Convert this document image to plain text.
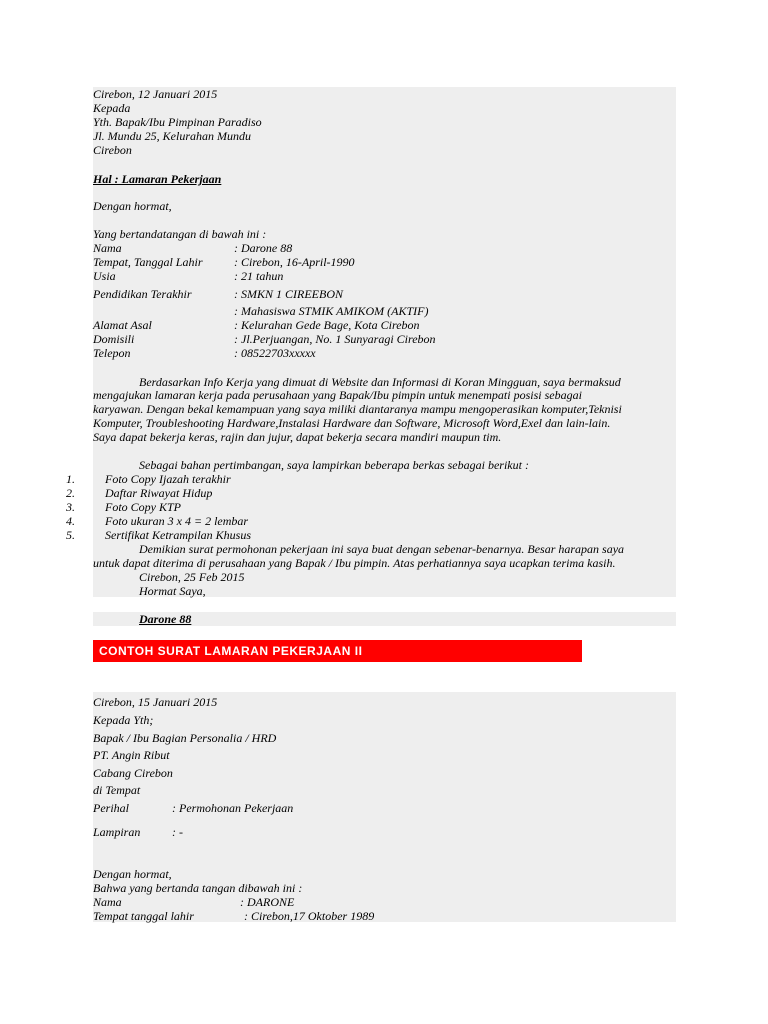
Cirebon, 12 Januari 2015
Kepada
Yth. Bapak/Ibu Pimpinan Paradiso
Jl. Mundu 25, Kelurahan Mundu
Cirebon
Hal : Lamaran Pekerjaan
Dengan hormat,
Yang bertandatangan di bawah ini :
Nama	: Darone 88
Tempat, Tanggal Lahir	: Cirebon, 16-April-1990
Usia	: 21 tahun
Pendidikan Terakhir	: SMKN 1 CIREEBON
: Mahasiswa STMIK AMIKOM (AKTIF)
Alamat Asal	: Kelurahan Gede Bage, Kota Cirebon
Domisili	: Jl.Perjuangan, No. 1 Sunyaragi Cirebon
Telepon	: 08522703xxxxx
Berdasarkan Info Kerja yang dimuat di Website dan Informasi di Koran Mingguan, saya bermaksud
mengajukan lamaran kerja pada perusahaan yang Bapak/Ibu pimpin untuk menempati posisi sebagai
karyawan. Dengan bekal kemampuan yang saya miliki diantaranya mampu mengoperasikan komputer,Teknisi
Komputer, Troubleshooting Hardware,Instalasi Hardware dan Software, Microsoft Word,Exel dan lain-lain.
Saya dapat bekerja keras, rajin dan jujur, dapat bekerja secara mandiri maupun tim.
Sebagai bahan pertimbangan, saya lampirkan beberapa berkas sebagai berikut :
1.	Foto Copy Ijazah terakhir
2.	Daftar Riwayat Hidup
3.	Foto Copy KTP
4.	Foto ukuran 3 x 4 = 2 lembar
5.	Sertifikat Ketrampilan Khusus
Demikian surat permohonan pekerjaan ini saya buat dengan sebenar-benarnya. Besar harapan saya
untuk dapat diterima di perusahaan yang Bapak / Ibu pimpin. Atas perhatiannya saya ucapkan terima kasih.
Cirebon, 25 Feb 2015
Hormat Saya,
Darone 88
CONTOH SURAT LAMARAN PEKERJAAN II
Cirebon, 15 Januari 2015
Kepada Yth;
Bapak / Ibu Bagian Personalia / HRD
PT. Angin Ribut
Cabang Cirebon
di Tempat
Perihal	: Permohonan Pekerjaan
Lampiran	: -
Dengan hormat,
Bahwa yang bertanda tangan dibawah ini :
Nama	: DARONE
Tempat tanggal lahir	: Cirebon,17 Oktober 1989
